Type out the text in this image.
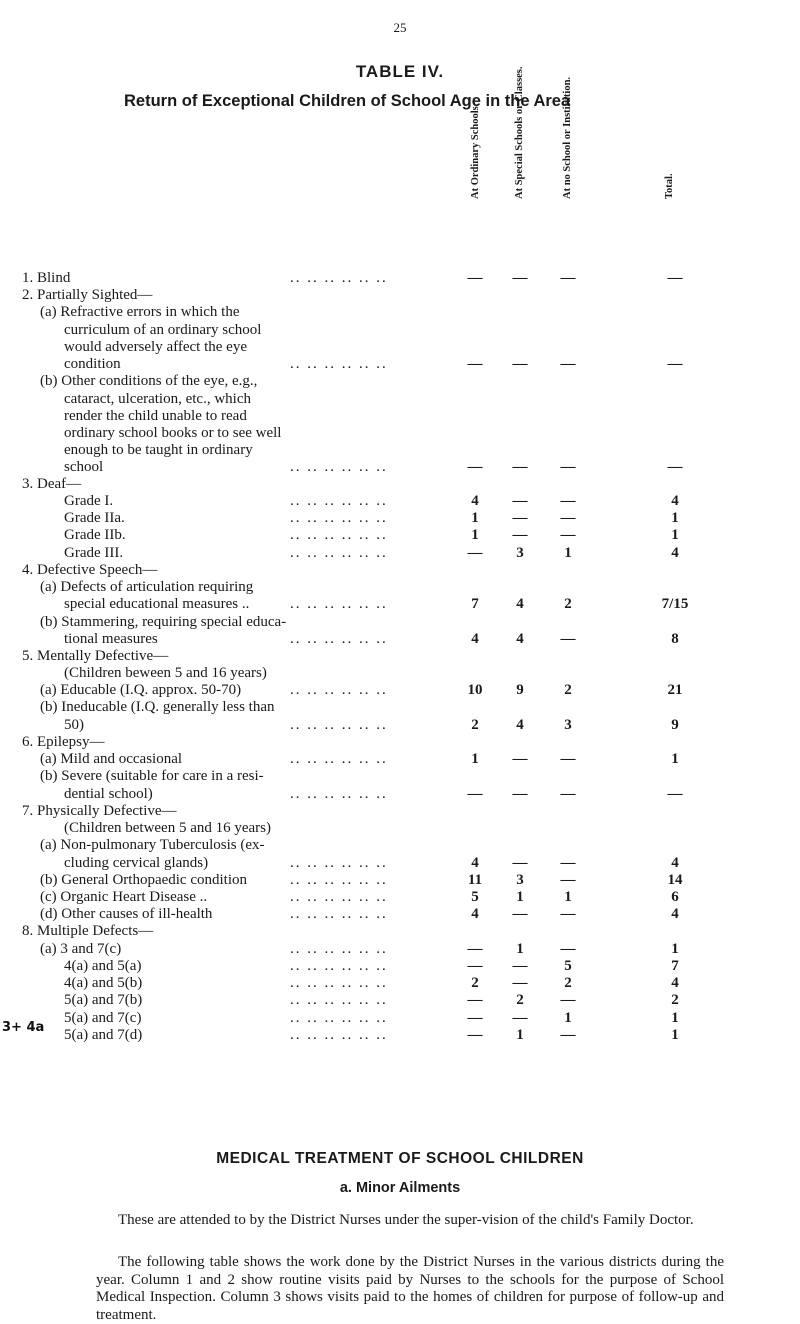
25
TABLE IV.
Return of Exceptional Children of School Age in the Area
At Ordinary Schools.	At Special Schools or Classes.	At no School or Institution.	Total.
1. Blind	.. .. .. .. .. ..	—	—	—	—
2. Partially Sighted—
(a) Refractive errors in which the
curriculum of an ordinary school
would adversely affect the eye
condition	.. .. .. .. .. ..	—	—	—	—
(b) Other conditions of the eye, e.g.,
cataract, ulceration, etc., which
render the child unable to read
ordinary school books or to see well
enough to be taught in ordinary
school	.. .. .. .. .. ..	—	—	—	—
3. Deaf—
Grade I.	.. .. .. .. .. ..	4	—	—	4
Grade IIa.	.. .. .. .. .. ..	1	—	—	1
Grade IIb.	.. .. .. .. .. ..	1	—	—	1
Grade III.	.. .. .. .. .. ..	—	3	1	4
4. Defective Speech—
(a) Defects of articulation requiring
special educational measures ..	.. .. .. .. .. ..	7	4	2	7/15
(b) Stammering, requiring special educa-
tional measures	.. .. .. .. .. ..	4	4	—	8
5. Mentally Defective—
(Children beween 5 and 16 years)
(a) Educable (I.Q. approx. 50-70)	.. .. .. .. .. ..	10	9	2	21
(b) Ineducable (I.Q. generally less than
50)	.. .. .. .. .. ..	2	4	3	9
6. Epilepsy—
(a) Mild and occasional	.. .. .. .. .. ..	1	—	—	1
(b) Severe (suitable for care in a resi-
dential school)	.. .. .. .. .. ..	—	—	—	—
7. Physically Defective—
(Children between 5 and 16 years)
(a) Non-pulmonary Tuberculosis (ex-
cluding cervical glands)	.. .. .. .. .. ..	4	—	—	4
(b) General Orthopaedic condition	.. .. .. .. .. ..	11	3	—	14
(c) Organic Heart Disease ..	.. .. .. .. .. ..	5	1	1	6
(d) Other causes of ill-health	.. .. .. .. .. ..	4	—	—	4
8. Multiple Defects—
(a) 3 and 7(c)	.. .. .. .. .. ..	—	1	—	1
4(a) and 5(a)	.. .. .. .. .. ..	—	—	5	7
4(a) and 5(b)	.. .. .. .. .. ..	2	—	2	4
5(a) and 7(b)	.. .. .. .. .. ..	—	2	—	2
5(a) and 7(c)	.. .. .. .. .. ..	—	—	1	1
5(a) and 7(d)	.. .. .. .. .. ..	—	1	—	1
3+ 4a
MEDICAL TREATMENT OF SCHOOL CHILDREN
a. Minor Ailments
These are attended to by the District Nurses under the super-vision of the child's Family Doctor.
The following table shows the work done by the District Nurses in the various districts during the year. Column 1 and 2 show routine visits paid by Nurses to the schools for the purpose of School Medical Inspection. Column 3 shows visits paid to the homes of children for purpose of follow-up and treatment.
